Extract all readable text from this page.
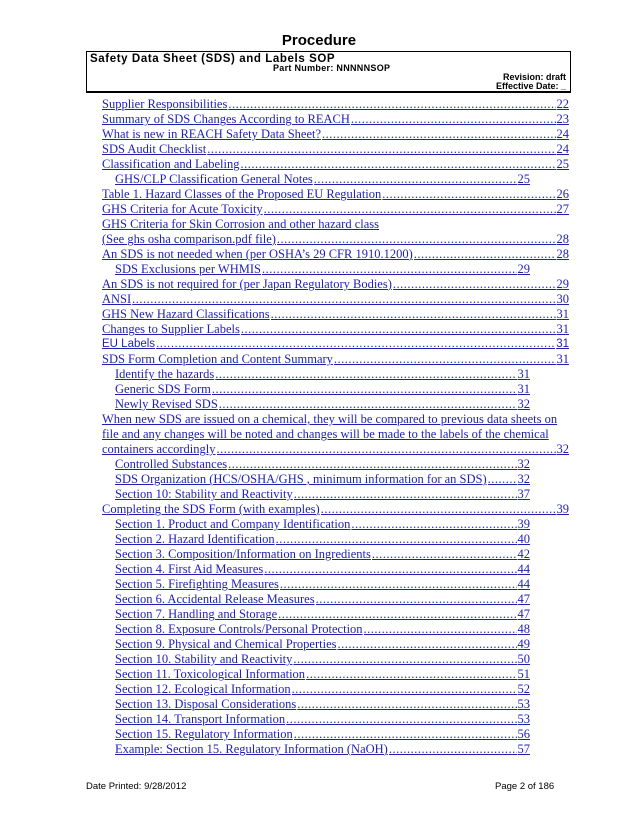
Procedure
Safety Data Sheet (SDS) and Labels SOP
Part Number: NNNNNSOP
Revision: draft
Effective Date: _
Supplier Responsibilities .....	22
Summary of SDS Changes According to REACH .....	23
What is new in REACH Safety Data Sheet? .....	24
SDS Audit Checklist .....	24
Classification and Labeling .....	25
GHS/CLP Classification General Notes .....	25
Table 1. Hazard Classes of the Proposed EU Regulation .....	26
GHS Criteria for Acute Toxicity .....	27
GHS Criteria for Skin Corrosion and other hazard class
(See ghs osha comparison.pdf file) .....	28
An SDS is not needed when (per OSHA’s 29 CFR 1910.1200) .....	28
SDS Exclusions per WHMIS .....	29
An SDS is not required for (per Japan Regulatory Bodies) .....	29
ANSI .....	30
GHS New Hazard Classifications .....	31
Changes to Supplier Labels .....	31
EU Labels .....	31
SDS Form Completion and Content Summary .....	31
Identify the hazards .....	31
Generic SDS Form .....	31
Newly Revised SDS .....	32
When new SDS are issued on a chemical, they will be compared to previous data sheets on
file and any changes will be noted and changes will be made to the labels of the chemical
containers accordingly .....	32
Controlled Substances .....	32
SDS Organization (HCS/OSHA/GHS , minimum information for an SDS) ..... 32
Section 10: Stability and Reactivity .....	37
Completing the SDS Form (with examples) .....	39
Section 1. Product and Company Identification .....	39
Section 2. Hazard Identification .....	40
Section 3. Composition/Information on Ingredients .....	42
Section 4. First Aid Measures .....	44
Section 5. Firefighting Measures .....	44
Section 6. Accidental Release Measures .....	47
Section 7. Handling and Storage .....	47
Section 8. Exposure Controls/Personal Protection .....	48
Section 9. Physical and Chemical Properties .....	49
Section 10. Stability and Reactivity .....	50
Section 11. Toxicological Information .....	51
Section 12. Ecological Information .....	52
Section 13. Disposal Considerations .....	53
Section 14. Transport Information .....	53
Section 15. Regulatory Information .....	56
Example: Section 15. Regulatory Information (NaOH) .....	57
Date Printed: 9/28/2012	Page 2 of 186
